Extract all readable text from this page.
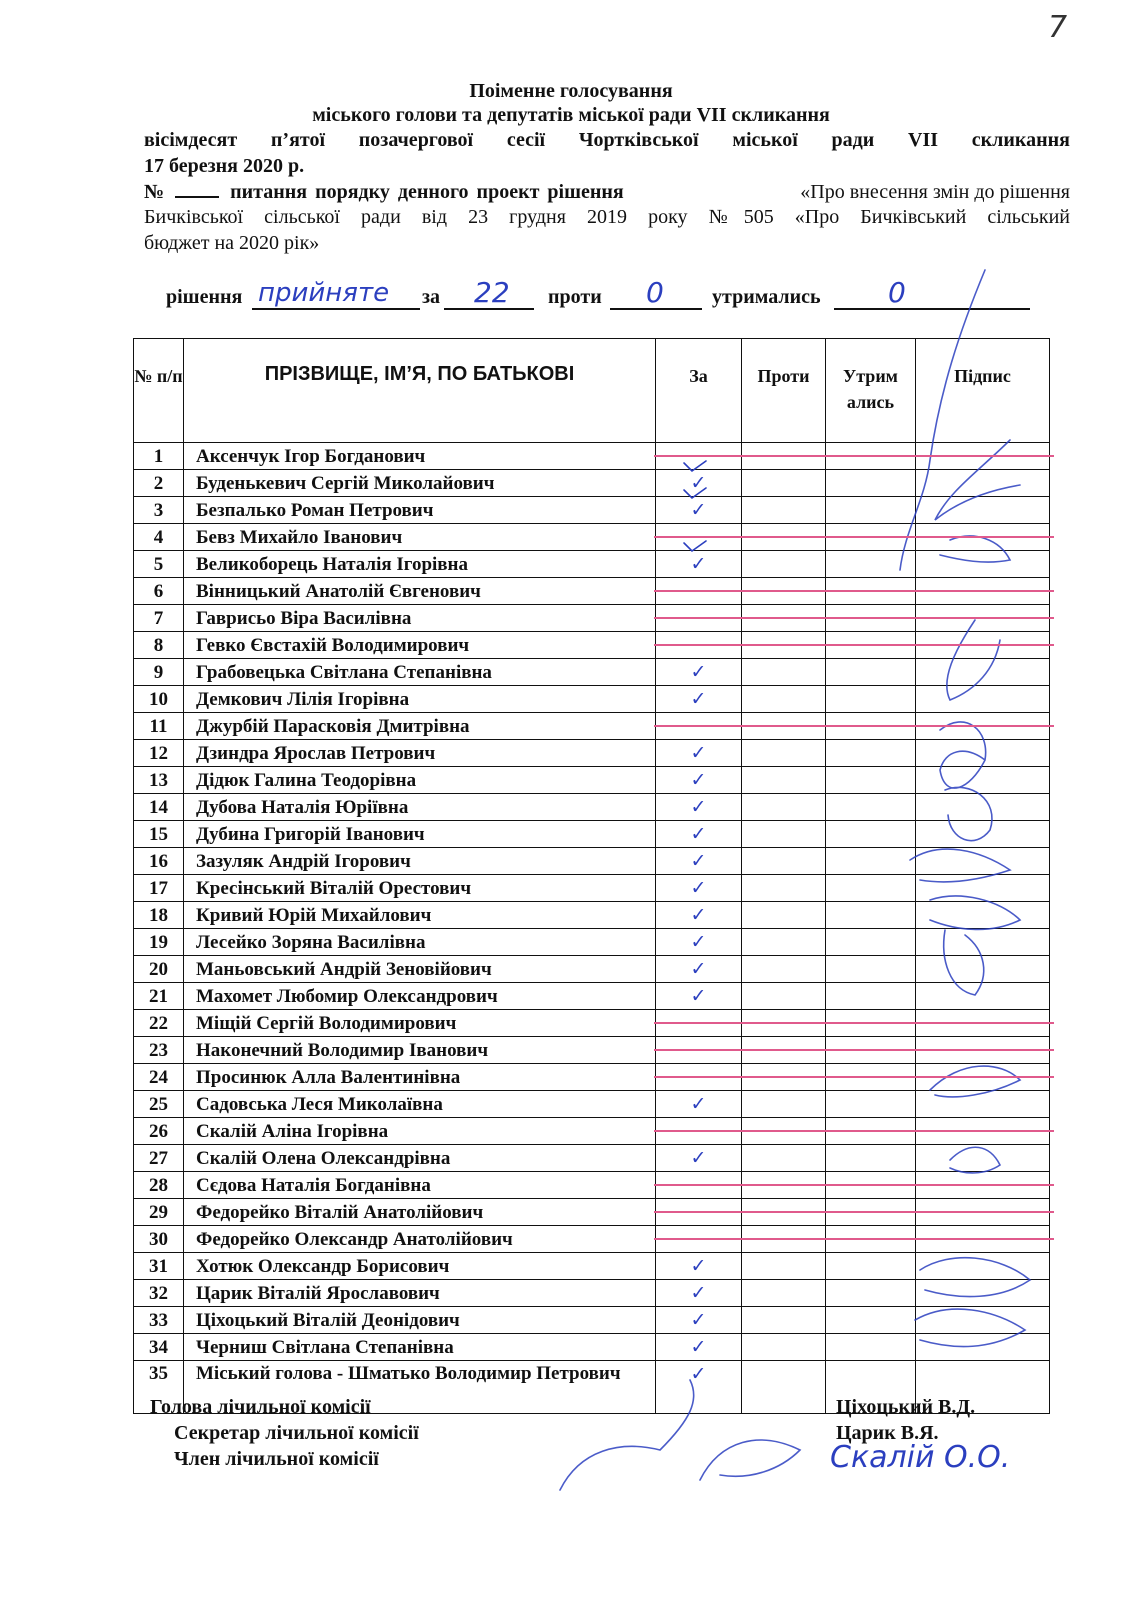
7
Поіменне голосування
міського голови та депутатів міської ради VII скликання
вісімдесят п’ятої позачергової сесії Чортківської міської ради VII скликання
17 березня 2020 р.
№	питання порядку денного проект рішення	«Про внесення змін до рішення
Бичківської сільської ради від 23 грудня 2019 року №505 «Про Бичківський сільський
бюджет на 2020 рік»
рішення прийняте за 22 проти 0 утримались 0
№ п/п	ПРІЗВИЩЕ, ІМ’Я, ПО БАТЬКОВІ	За	Проти	Утримались	Підпис
1	Аксенчук Ігор Богданович				
2	Буденькевич Сергій Миколайович	✓			
3	Безпалько Роман Петрович	✓			
4	Бевз Михайло Іванович				
5	Великоборець Наталія Ігорівна	✓			
6	Вінницький Анатолій Євгенович				
7	Гаврисьо Віра Василівна				
8	Гевко Євстахій Володимирович				
9	Грабовецька Світлана Степанівна	✓			
10	Демкович Лілія Ігорівна	✓			
11	Джурбій Парасковія Дмитрівна				
12	Дзиндра Ярослав Петрович	✓			
13	Дідюк Галина Теодорівна	✓			
14	Дубова Наталія Юріївна	✓			
15	Дубина Григорій Іванович	✓			
16	Зазуляк Андрій Ігорович	✓			
17	Кресінський Віталій Орестович	✓			
18	Кривий Юрій Михайлович	✓			
19	Лесейко Зоряна Василівна	✓			
20	Маньовський Андрій Зеновійович	✓			
21	Махомет Любомир Олександрович	✓			
22	Міщій Сергій Володимирович				
23	Наконечний Володимир Іванович				
24	Просинюк Алла Валентинівна				
25	Садовська Леся Миколаївна	✓			
26	Скалій Аліна Ігорівна				
27	Скалій Олена Олександрівна	✓			
28	Сєдова Наталія Богданівна				
29	Федорейко Віталій Анатолійович				
30	Федорейко Олександр Анатолійович				
31	Хотюк Олександр Борисович	✓			
32	Царик Віталій Ярославович	✓			
33	Ціхоцький Віталій Деонідович	✓			
34	Черниш Світлана Степанівна	✓			
35	Міський голова - Шматько Володимир Петрович	✓			
Скалій О.О.
Голова лічильної комісії	Ціхоцький В.Д.
Секретар лічильної комісії	Царик В.Я.
Член лічильної комісії
